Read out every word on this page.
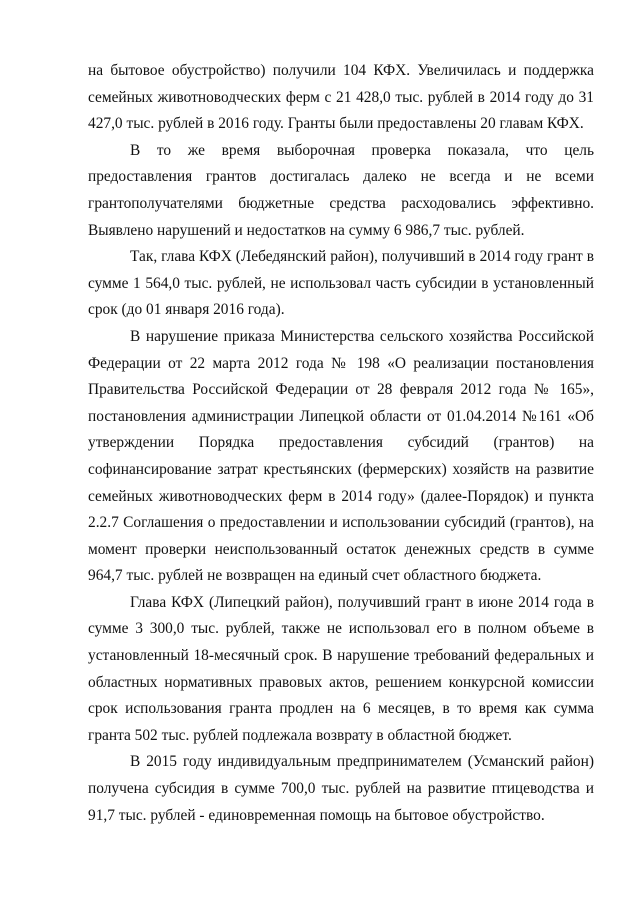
на бытовое обустройство) получили 104 КФХ. Увеличилась и поддержка семейных животноводческих ферм с 21 428,0 тыс. рублей в 2014 году до 31 427,0 тыс. рублей в 2016 году. Гранты были предоставлены 20 главам КФХ.

В то же время выборочная проверка показала, что цель предоставления грантов достигалась далеко не всегда и не всеми грантополучателями бюджетные средства расходовались эффективно. Выявлено нарушений и недостатков на сумму 6 986,7 тыс. рублей.

Так, глава КФХ (Лебедянский район), получивший в 2014 году грант в сумме 1 564,0 тыс. рублей, не использовал часть субсидии в установленный срок (до 01 января 2016 года).

В нарушение приказа Министерства сельского хозяйства Российской Федерации от 22 марта 2012 года № 198 «О реализации постановления Правительства Российской Федерации от 28 февраля 2012 года № 165», постановления администрации Липецкой области от 01.04.2014 №161 «Об утверждении Порядка предоставления субсидий (грантов) на софинансирование затрат крестьянских (фермерских) хозяйств на развитие семейных животноводческих ферм в 2014 году» (далее-Порядок) и пункта 2.2.7 Соглашения о предоставлении и использовании субсидий (грантов), на момент проверки неиспользованный остаток денежных средств в сумме 964,7 тыс. рублей не возвращен на единый счет областного бюджета.

Глава КФХ (Липецкий район), получивший грант в июне 2014 года в сумме 3 300,0 тыс. рублей, также не использовал его в полном объеме в установленный 18-месячный срок. В нарушение требований федеральных и областных нормативных правовых актов, решением конкурсной комиссии срок использования гранта продлен на 6 месяцев, в то время как сумма гранта 502 тыс. рублей подлежала возврату в областной бюджет.

В 2015 году индивидуальным предпринимателем (Усманский район) получена субсидия в сумме 700,0 тыс. рублей на развитие птицеводства и 91,7 тыс. рублей - единовременная помощь на бытовое обустройство.
